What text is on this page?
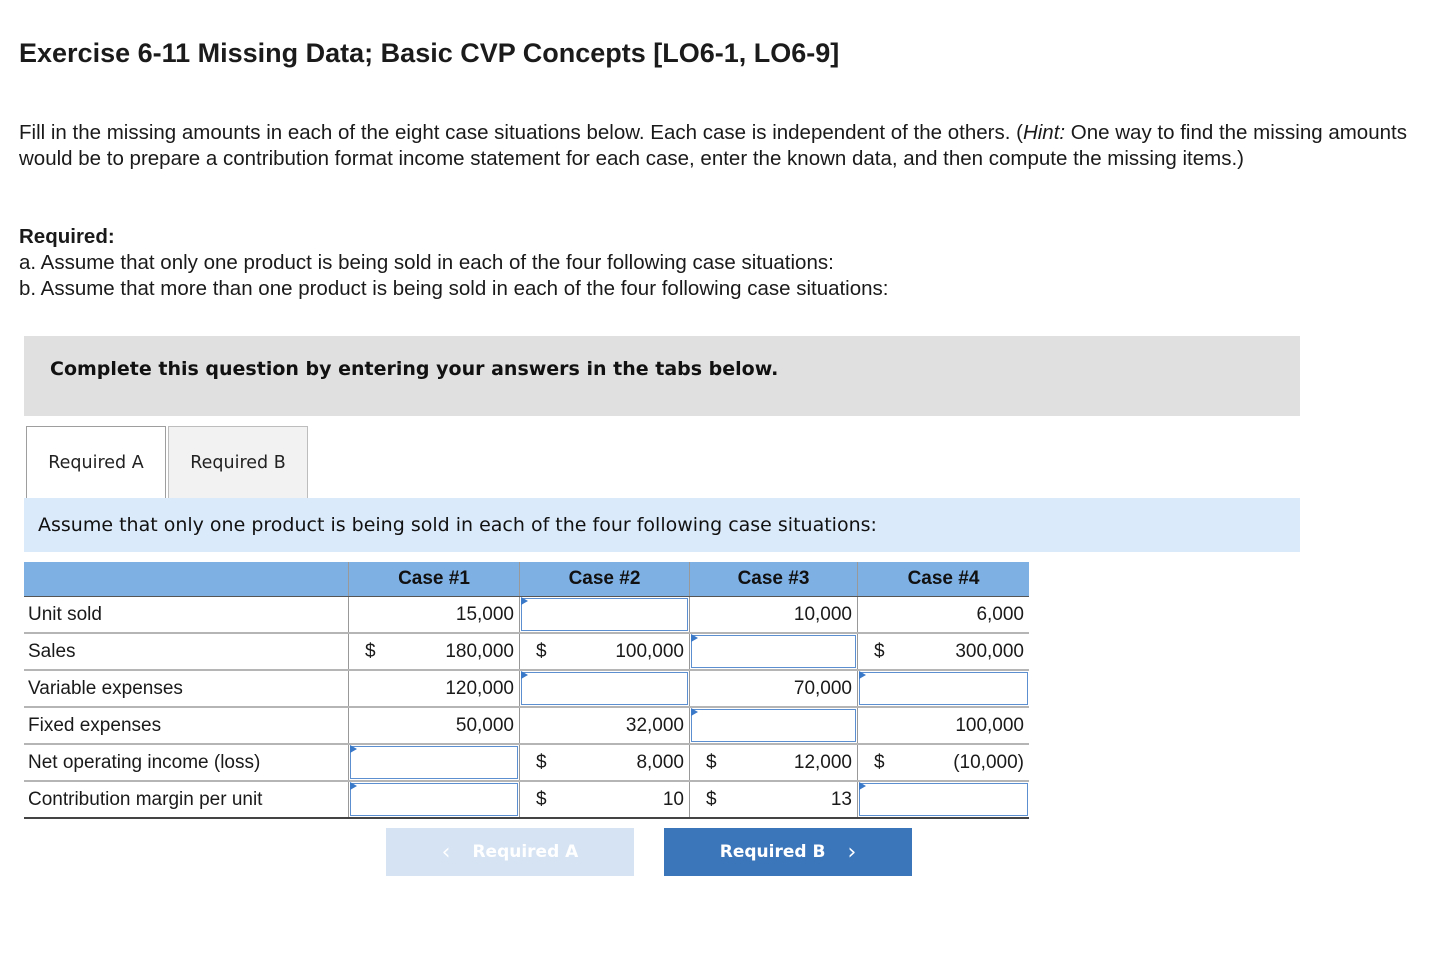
Exercise 6-11 Missing Data; Basic CVP Concepts [LO6-1, LO6-9]

Fill in the missing amounts in each of the eight case situations below. Each case is independent of the others. (Hint: One way to find the missing amounts would be to prepare a contribution format income statement for each case, enter the known data, and then compute the missing items.)

Required:
a. Assume that only one product is being sold in each of the four following case situations:
b. Assume that more than one product is being sold in each of the four following case situations:
Complete this question by entering your answers in the tabs below.
Required A	Required B
Assume that only one product is being sold in each of the four following case situations:
	Case #1	Case #2	Case #3	Case #4
Unit sold	15,000		10,000	6,000

Sales	$ 180,000	$ 100,000		$ 300,000

Variable expenses	120,000		70,000	

Fixed expenses	50,000	32,000		100,000

Net operating income (loss)		$ 8,000	$ 12,000	$ (10,000)

Contribution margin per unit		$ 10	$ 13	

‹ Required A	Required B ›
